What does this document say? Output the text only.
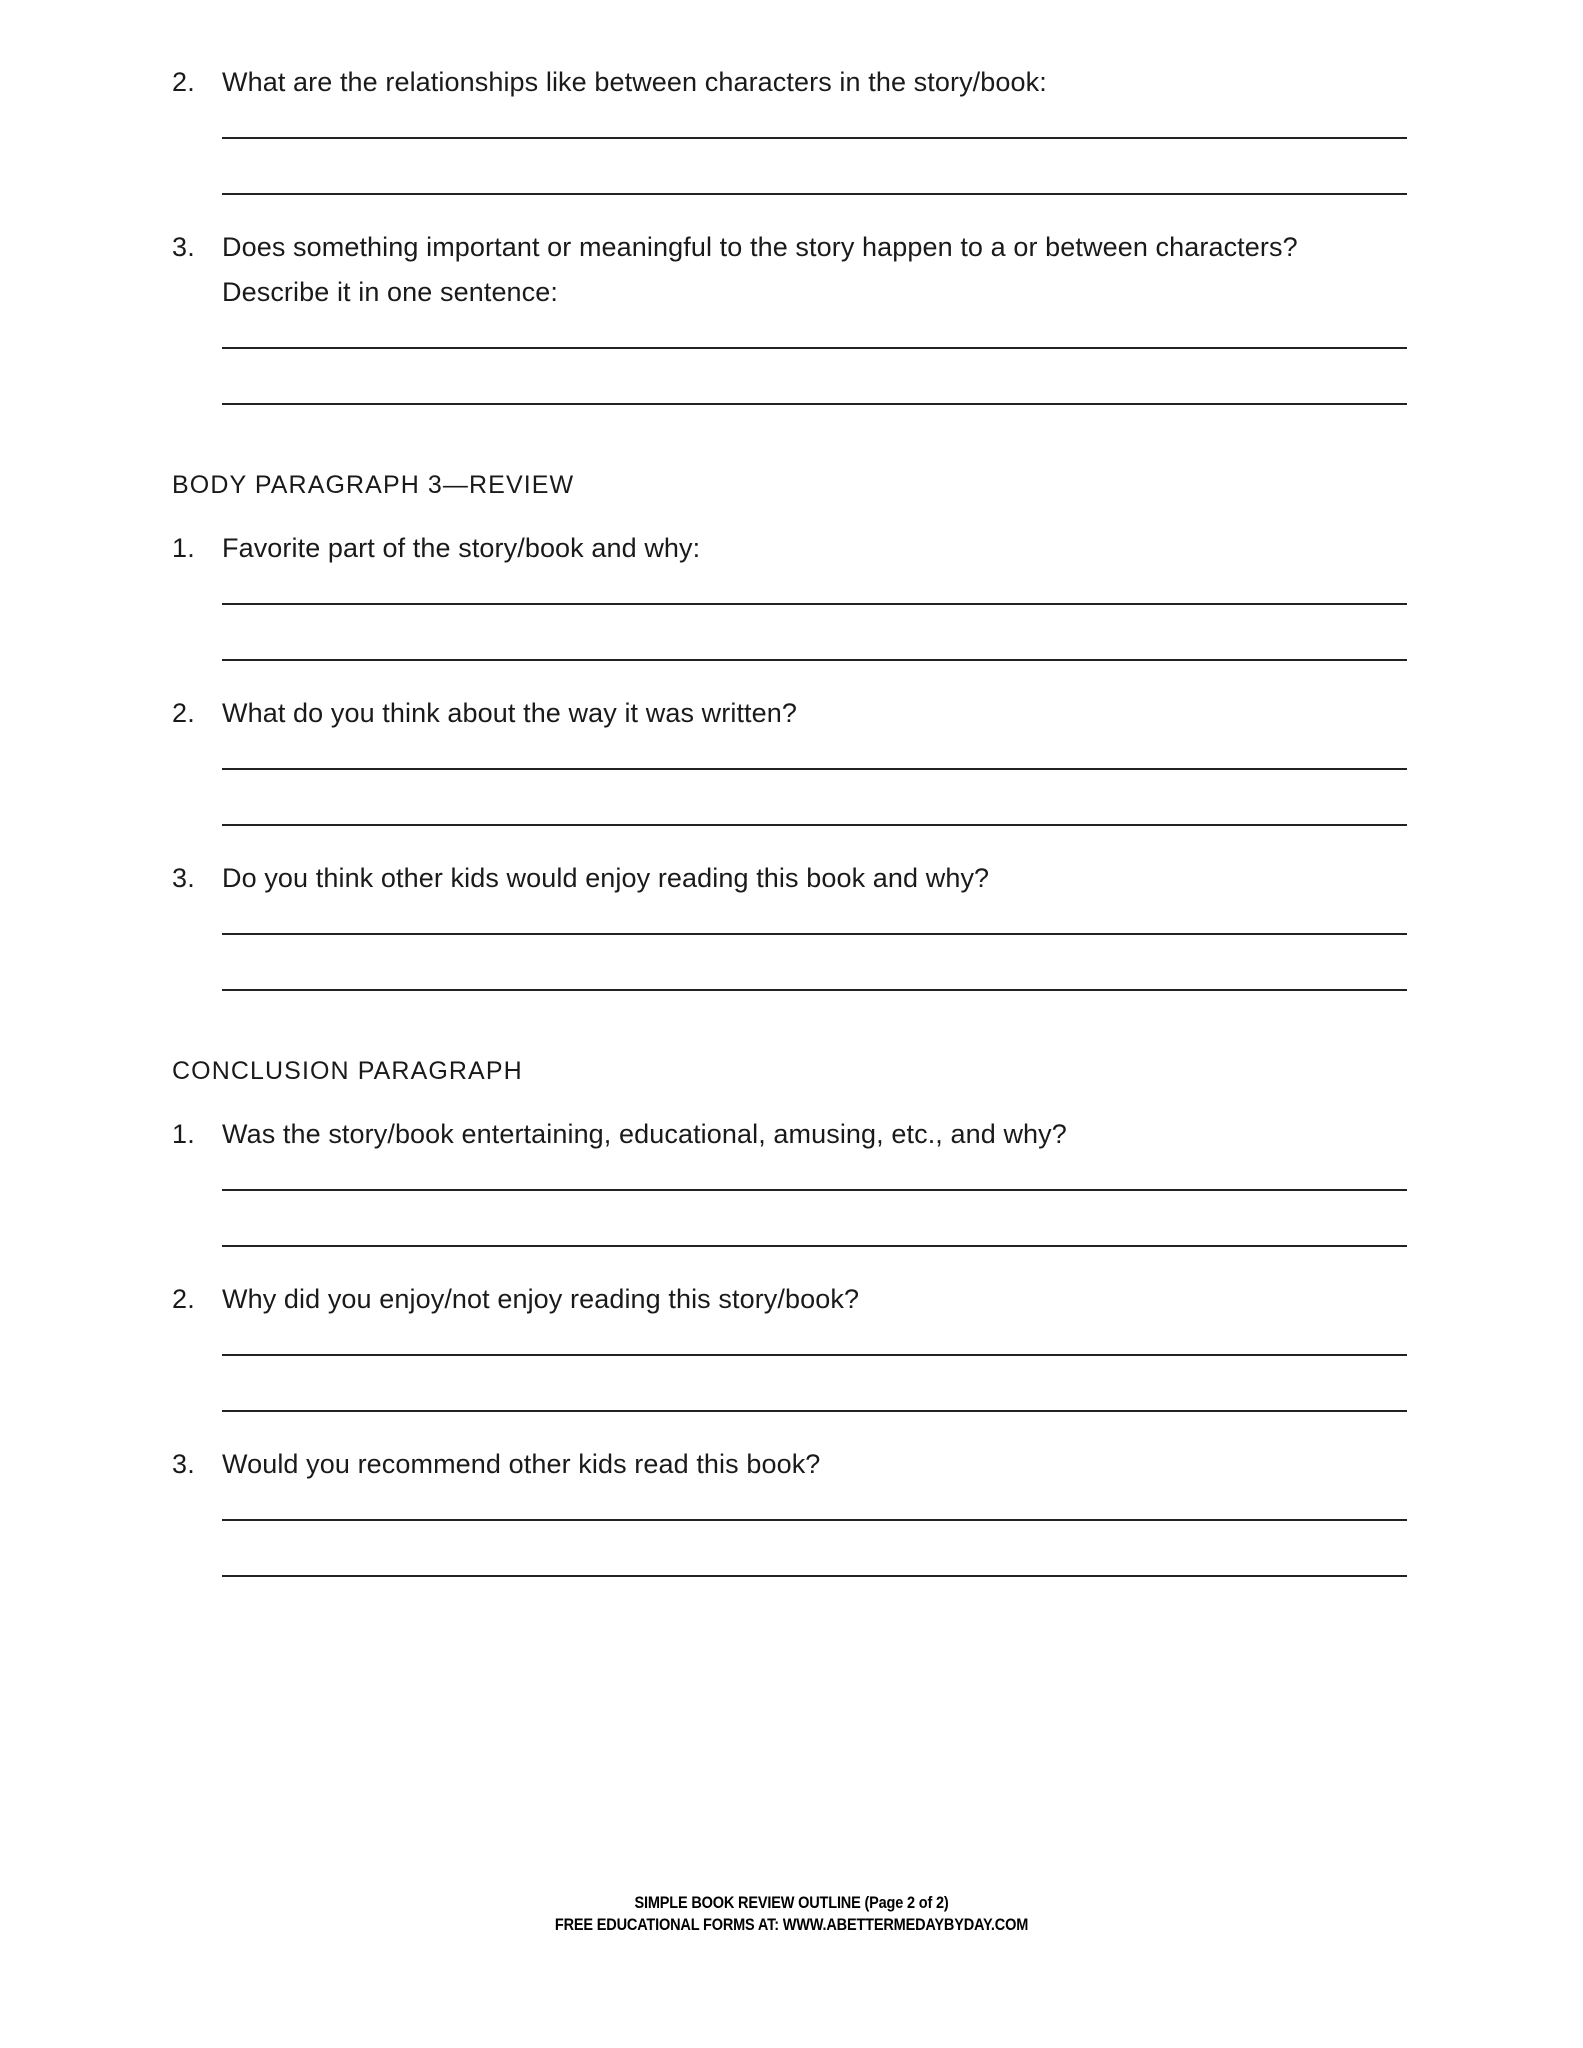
2.	What are the relationships like between characters in the story/book:
3.	Does something important or meaningful to the story happen to a or between characters? Describe it in one sentence:
BODY PARAGRAPH 3—REVIEW
1.	Favorite part of the story/book and why:
2.	What do you think about the way it was written?
3.	Do you think other kids would enjoy reading this book and why?
CONCLUSION PARAGRAPH
1.	Was the story/book entertaining, educational, amusing, etc., and why?
2.	Why did you enjoy/not enjoy reading this story/book?
3.	Would you recommend other kids read this book?
SIMPLE BOOK REVIEW OUTLINE (Page 2 of 2)
FREE EDUCATIONAL FORMS AT: WWW.ABETTERMEDAYBYDAY.COM
